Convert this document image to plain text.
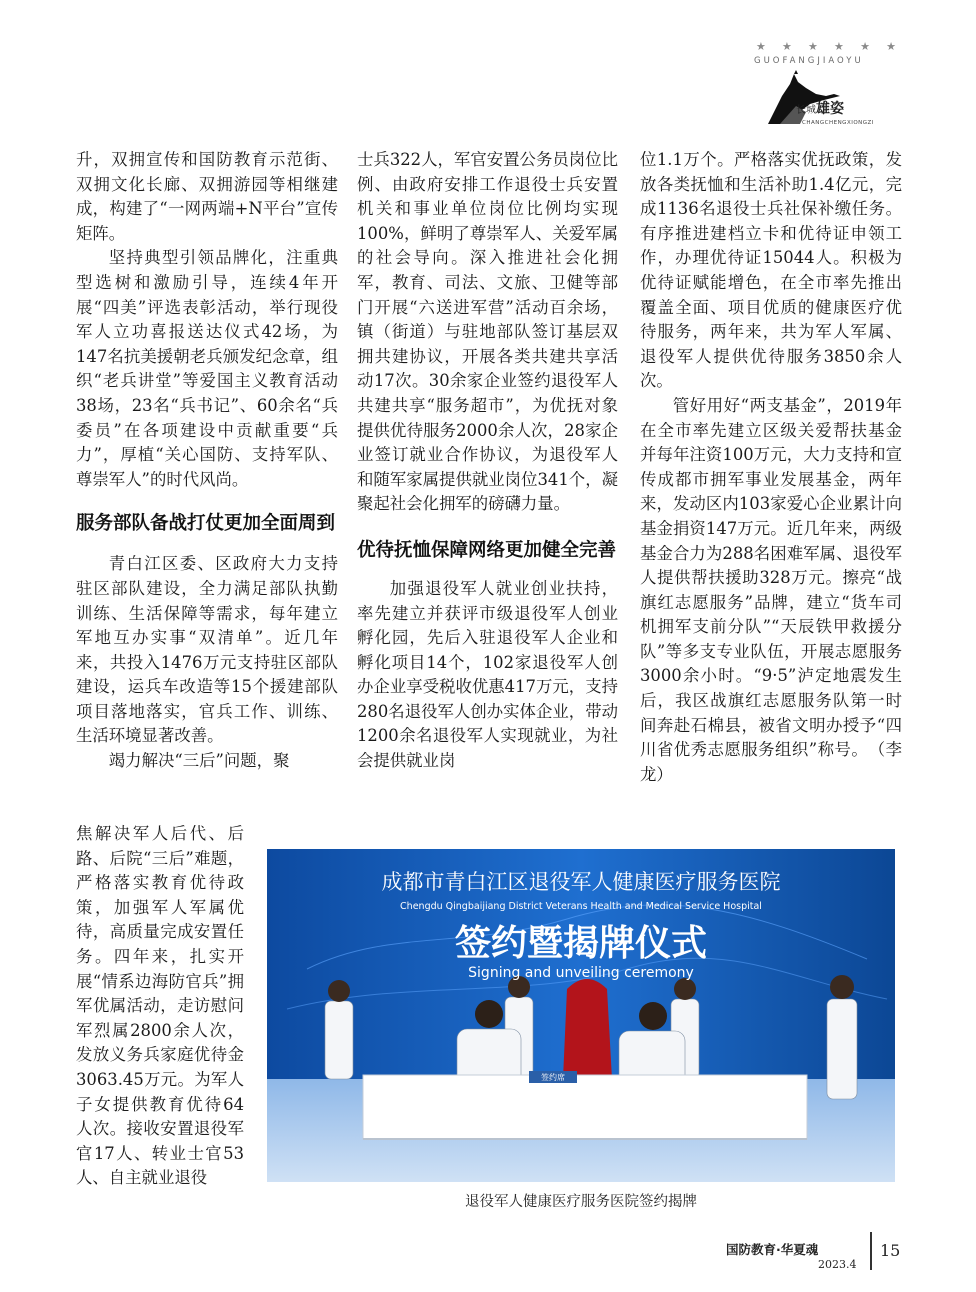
★ ★ ★ ★ ★ ★
GUOFANGJIAOYU
长城雄姿
CHANGCHENGXIONGZI

升，双拥宣传和国防教育示范街、双拥文化长廊、双拥游园等相继建成，构建了“一网两端+N平台”宣传矩阵。

坚持典型引领品牌化，注重典型选树和激励引导，连续4年开展“四美”评选表彰活动，举行现役军人立功喜报送达仪式42场，为147名抗美援朝老兵颁发纪念章，组织“老兵讲堂”等爱国主义教育活动38场，23名“兵书记”、60余名“兵委员”在各项建设中贡献重要“兵力”，厚植“关心国防、支持军队、尊崇军人”的时代风尚。

服务部队备战打仗更加全面周到

青白江区委、区政府大力支持驻区部队建设，全力满足部队执勤训练、生活保障等需求，每年建立军地互办实事“双清单”。近几年来，共投入1476万元支持驻区部队建设，运兵车改造等15个援建部队项目落地落实，官兵工作、训练、生活环境显著改善。

竭力解决“三后”问题，聚

焦解决军人后代、后路、后院“三后”难题，严格落实教育优待政策，加强军人军属优待，高质量完成安置任务。四年来，扎实开展“情系边海防官兵”拥军优属活动，走访慰问军烈属2800余人次，发放义务兵家庭优待金3063.45万元。为军人子女提供教育优待64人次。接收安置退役军官17人、转业士官53人、自主就业退役

士兵322人，军官安置公务员岗位比例、由政府安排工作退役士兵安置机关和事业单位岗位比例均实现100%，鲜明了尊崇军人、关爱军属的社会导向。深入推进社会化拥军，教育、司法、文旅、卫健等部门开展“六送进军营”活动百余场，镇（街道）与驻地部队签订基层双拥共建协议，开展各类共建共享活动17次。30余家企业签约退役军人共建共享“服务超市”，为优抚对象提供优待服务2000余人次，28家企业签订就业合作协议，为退役军人和随军家属提供就业岗位341个，凝聚起社会化拥军的磅礴力量。

优待抚恤保障网络更加健全完善

加强退役军人就业创业扶持，率先建立并获评市级退役军人创业孵化园，先后入驻退役军人企业和孵化项目14个，102家退役军人创办企业享受税收优惠417万元，支持280名退役军人创办实体企业，带动1200余名退役军人实现就业，为社会提供就业岗

位1.1万个。严格落实优抚政策，发放各类抚恤和生活补助1.4亿元，完成1136名退役士兵社保补缴任务。有序推进建档立卡和优待证申领工作，办理优待证15044人。积极为优待证赋能增色，在全市率先推出覆盖全面、项目优质的健康医疗优待服务，两年来，共为军人军属、退役军人提供优待服务3850余人次。

管好用好“两支基金”，2019年在全市率先建立区级关爱帮扶基金并每年注资100万元，大力支持和宣传成都市拥军事业发展基金，两年来，发动区内103家爱心企业累计向基金捐资147万元。近几年来，两级基金合力为288名困难军属、退役军人提供帮扶援助328万元。擦亮“战旗红志愿服务”品牌，建立“货车司机拥军支前分队”“天辰铁甲救援分队”等多支专业队伍，开展志愿服务3000余小时。“9·5”泸定地震发生后，我区战旗红志愿服务队第一时间奔赴石棉县，被省文明办授予“四川省优秀志愿服务组织”称号。　（李龙）

签约席
成都市青白江区退役军人健康医疗服务医院
Chengdu Qingbaijiang District Veterans Health and Medical Service Hospital
签约暨揭牌仪式
Signing and unveiling ceremony
退役军人健康医疗服务医院签约揭牌
国防教育·华夏魂
2023.4
15
